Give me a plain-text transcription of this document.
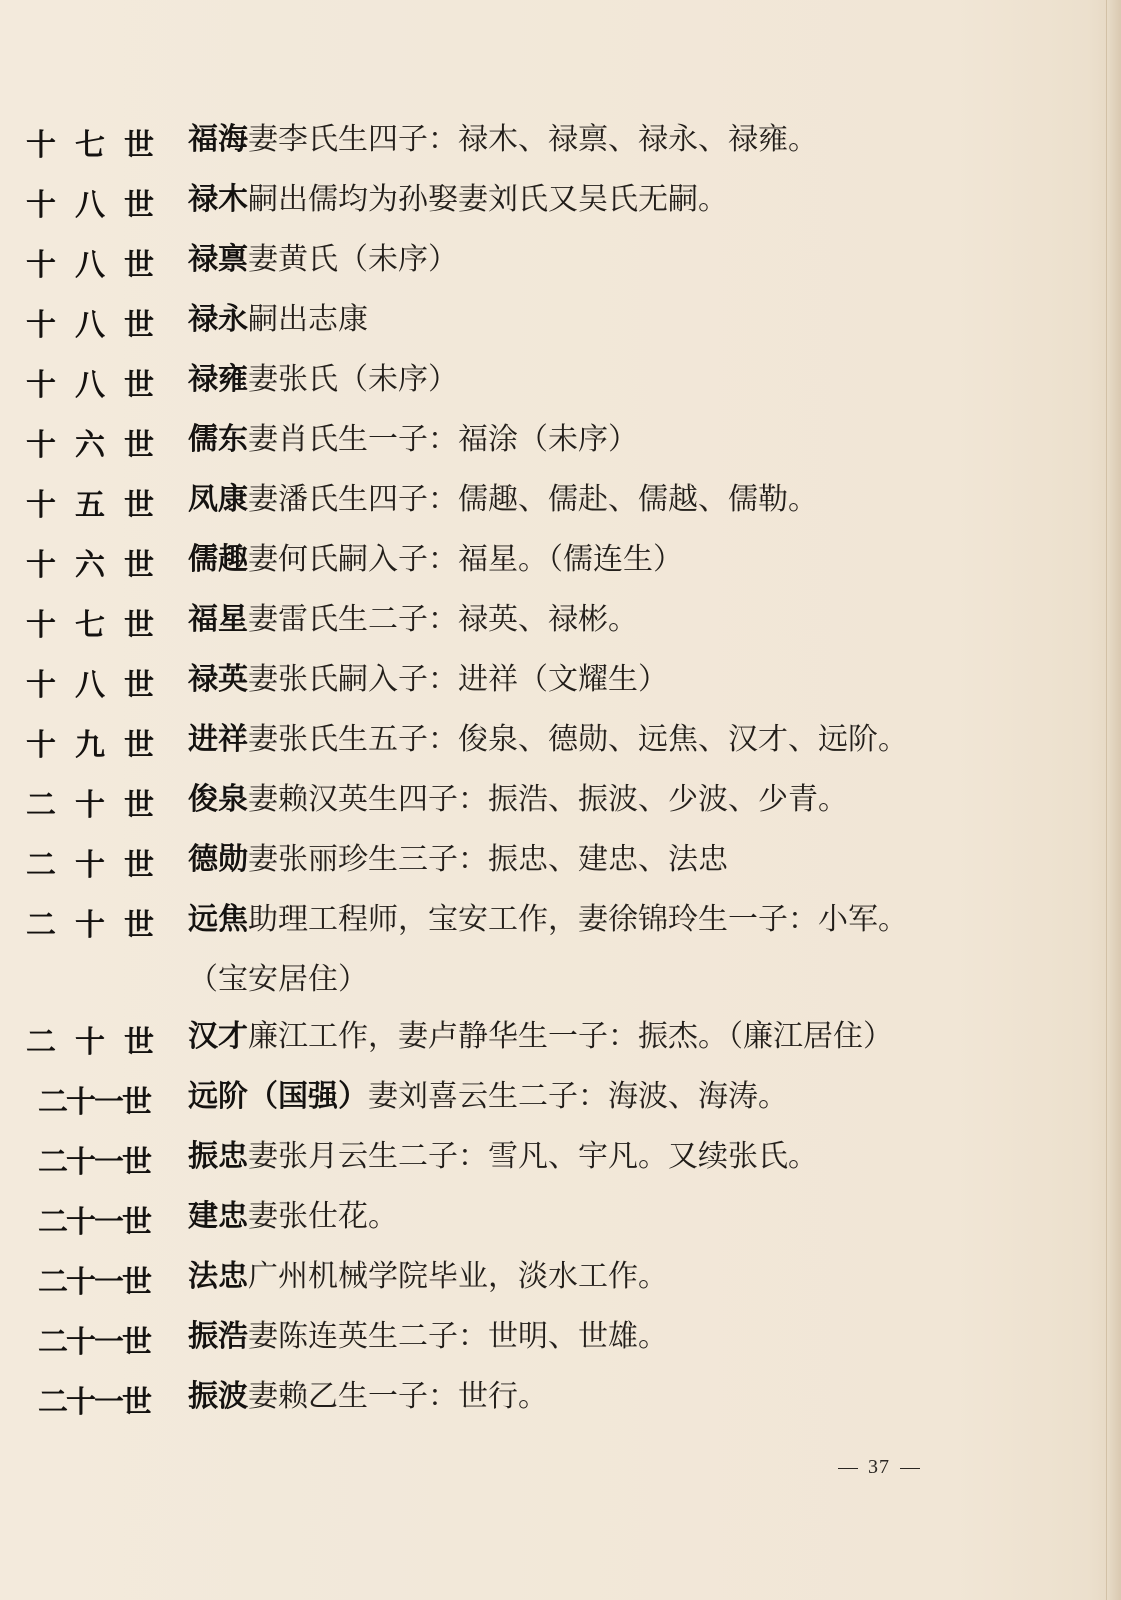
十七世 福海妻李氏生四子：禄木、禄禀、禄永、禄雍。
十八世 禄木嗣出儒均为孙娶妻刘氏又吴氏无嗣。
十八世 禄禀妻黄氏（未序）
十八世 禄永嗣出志康
十八世 禄雍妻张氏（未序）
十六世 儒东妻肖氏生一子：福涂（未序）
十五世 凤康妻潘氏生四子：儒趣、儒赴、儒越、儒勒。
十六世 儒趣妻何氏嗣入子：福星。（儒连生）
十七世 福星妻雷氏生二子：禄英、禄彬。
十八世 禄英妻张氏嗣入子：进祥（文耀生）
十九世 进祥妻张氏生五子：俊泉、德勋、远焦、汉才、远阶。
二十世 俊泉妻赖汉英生四子：振浩、振波、少波、少青。
二十世 德勋妻张丽珍生三子：振忠、建忠、法忠
二十世 远焦助理工程师，宝安工作，妻徐锦玲生一子：小军。
（宝安居住）
二十世 汉才廉江工作，妻卢静华生一子：振杰。（廉江居住）
二十一世	远阶（国强）妻刘喜云生二子：海波、海涛。
二十一世	振忠妻张月云生二子：雪凡、宇凡。又续张氏。
二十一世	建忠妻张仕花。
二十一世	法忠广州机械学院毕业，淡水工作。
二十一世	振浩妻陈连英生二子：世明、世雄。
二十一世	振波妻赖乙生一子：世行。
37
